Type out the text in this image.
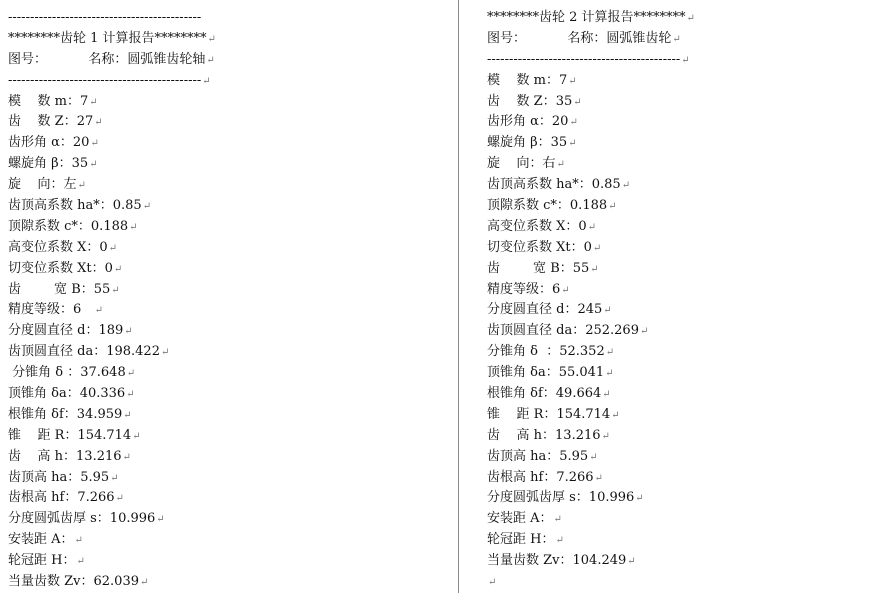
--------------------------------------------
********齿轮 1 计算报告********↵
图号：          名称：圆弧锥齿轮轴↵
--------------------------------------------↵
模    数 m：7↵
齿    数 Z：27↵
齿形角 α：20↵
螺旋角 β：35↵
旋    向：左↵
齿顶高系数 ha*：0.85↵
顶隙系数 c*：0.188↵
高变位系数 X：0↵
切变位系数 Xt：0↵
齿        宽 B：55↵
精度等级：6   ↵
分度圆直径 d：189↵
齿顶圆直径 da：198.422↵
分锥角 δ ：37.648↵
顶锥角 δa：40.336↵
根锥角 δf：34.959↵
锥    距 R：154.714↵
齿    高 h：13.216↵
齿顶高 ha：5.95↵
齿根高 hf：7.266↵
分度圆弧齿厚 s：10.996↵
安装距 A：↵
轮冠距 H：↵
当量齿数 Zv：62.039↵
********齿轮 2 计算报告********↵
图号：          名称：圆弧锥齿轮↵
--------------------------------------------↵
模    数 m：7↵
齿    数 Z：35↵
齿形角 α：20↵
螺旋角 β：35↵
旋    向：右↵
齿顶高系数 ha*：0.85↵
顶隙系数 c*：0.188↵
高变位系数 X：0↵
切变位系数 Xt：0↵
齿        宽 B：55↵
精度等级：6↵
分度圆直径 d：245↵
齿顶圆直径 da：252.269↵
分锥角 δ  ：52.352↵
顶锥角 δa：55.041↵
根锥角 δf：49.664↵
锥    距 R：154.714↵
齿    高 h：13.216↵
齿顶高 ha：5.95↵
齿根高 hf：7.266↵
分度圆弧齿厚 s：10.996↵
安装距 A：↵
轮冠距 H：↵
当量齿数 Zv：104.249↵
↵
